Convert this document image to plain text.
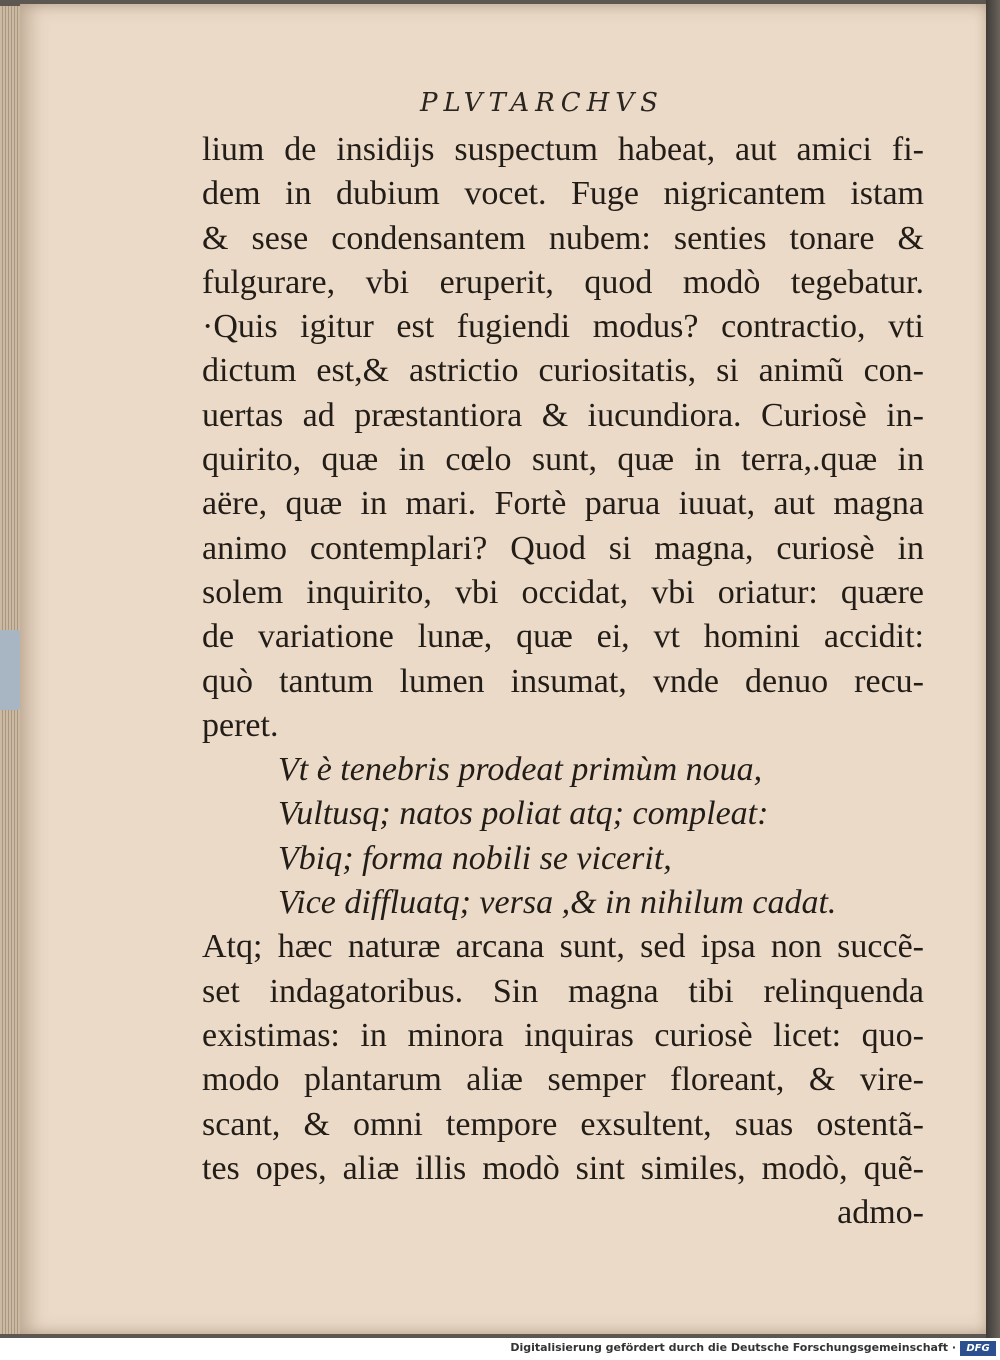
PLVTARCHVS
lium de insidijs suspectum habeat, aut amici fi-
dem in dubium vocet. Fuge nigricantem istam
& sese condensantem nubem: senties tonare &
fulgurare, vbi eruperit, quod modò tegebatur.
·Quis igitur est fugiendi modus? contractio, vti
dictum est,& astrictio curiositatis, si animũ con-
uertas ad præstantiora & iucundiora. Curiosè in-
quirito, quæ in cœlo sunt, quæ in terra,.quæ in
aëre, quæ in mari. Fortè parua iuuat, aut magna
animo contemplari? Quod si magna, curiosè in
solem inquirito, vbi occidat, vbi oriatur: quære
de variatione lunæ, quæ ei, vt homini accidit:
quò tantum lumen insumat, vnde denuo recu-
peret.
Vt è tenebris prodeat primùm noua,
Vultusq; natos poliat atq; compleat:
Vbiq; forma nobili se vicerit,
Vice diffluatq; versa ,& in nihilum cadat.
Atq; hæc naturæ arcana sunt, sed ipsa non succẽ-
set indagatoribus. Sin magna tibi relinquenda
existimas: in minora inquiras curiosè licet: quo-
modo plantarum aliæ semper floreant, & vire-
scant, & omni tempore exsultent, suas ostentã-
tes opes, aliæ illis modò sint similes, modò, quẽ-
admo-
Digitalisierung gefördert durch die Deutsche Forschungsgemeinschaft ·	DFG
